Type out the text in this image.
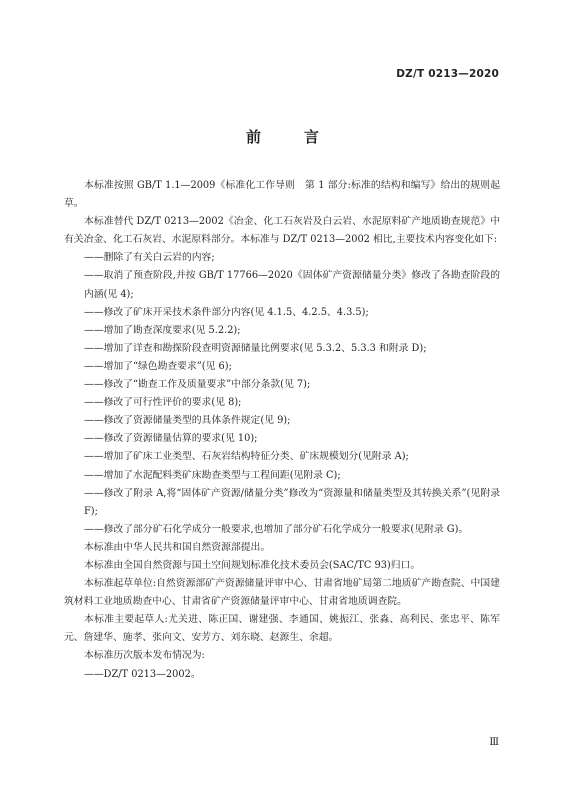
DZ/T 0213—2020
前　言

本标准按照 GB/T 1.1—2009《标准化工作导则　第 1 部分:标准的结构和编写》给出的规则起草。

本标准替代 DZ/T 0213—2002《冶金、化工石灰岩及白云岩、水泥原料矿产地质勘查规范》中有关冶金、化工石灰岩、水泥原料部分。本标准与 DZ/T 0213—2002 相比,主要技术内容变化如下:

——删除了有关白云岩的内容;

——取消了预查阶段,并按 GB/T 17766—2020《固体矿产资源储量分类》修改了各勘查阶段的内涵(见 4);

——修改了矿床开采技术条件部分内容(见 4.1.5、4.2.5、4.3.5);

——增加了勘查深度要求(见 5.2.2);

——增加了详查和勘探阶段查明资源储量比例要求(见 5.3.2、5.3.3 和附录 D);

——增加了“绿色勘查要求”(见 6);

——修改了“勘查工作及质量要求”中部分条款(见 7);

——修改了可行性评价的要求(见 8);

——修改了资源储量类型的具体条件规定(见 9);

——修改了资源储量估算的要求(见 10);

——增加了矿床工业类型、石灰岩结构特征分类、矿床规模划分(见附录 A);

——增加了水泥配料类矿床勘查类型与工程间距(见附录 C);

——修改了附录 A,将“固体矿产资源/储量分类”修改为“资源量和储量类型及其转换关系”(见附录 F);

——修改了部分矿石化学成分一般要求,也增加了部分矿石化学成分一般要求(见附录 G)。

本标准由中华人民共和国自然资源部提出。

本标准由全国自然资源与国土空间规划标准化技术委员会(SAC/TC 93)归口。

本标准起草单位:自然资源部矿产资源储量评审中心、甘肃省地矿局第二地质矿产勘查院、中国建筑材料工业地质勘查中心、甘肃省矿产资源储量评审中心、甘肃省地质调查院。

本标准主要起草人:尤关进、陈正国、谢建强、李通国、姚振江、张淼、高利民、张忠平、陈军元、詹建华、施孝、张向文、安芳方、刘东晓、赵源生、余超。

本标准历次版本发布情况为:

——DZ/T 0213—2002。

Ⅲ
